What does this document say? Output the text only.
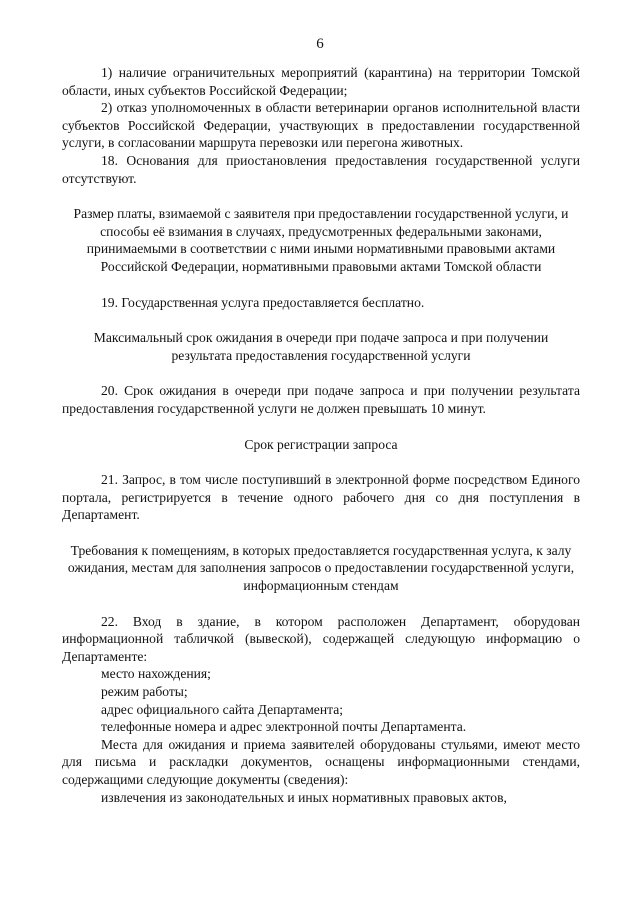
6

1) наличие ограничительных мероприятий (карантина) на территории Томской области, иных субъектов Российской Федерации;

2) отказ уполномоченных в области ветеринарии органов исполнительной власти субъектов Российской Федерации, участвующих в предоставлении государственной услуги, в согласовании маршрута перевозки или перегона животных.

18. Основания для приостановления предоставления государственной услуги отсутствуют.

Размер платы, взимаемой с заявителя при предоставлении государственной услуги, и способы её взимания в случаях, предусмотренных федеральными законами, принимаемыми в соответствии с ними иными нормативными правовыми актами Российской Федерации, нормативными правовыми актами Томской области

19. Государственная услуга предоставляется бесплатно.

Максимальный срок ожидания в очереди при подаче запроса и при получении результата предоставления государственной услуги

20. Срок ожидания в очереди при подаче запроса и при получении результата предоставления государственной услуги не должен превышать 10 минут.

Срок регистрации запроса

21. Запрос, в том числе поступивший в электронной форме посредством Единого портала, регистрируется в течение одного рабочего дня со дня поступления в Департамент.

Требования к помещениям, в которых предоставляется государственная услуга, к залу ожидания, местам для заполнения запросов о предоставлении государственной услуги, информационным стендам

22. Вход в здание, в котором расположен Департамент, оборудован информационной табличкой (вывеской), содержащей следующую информацию о Департаменте:

место нахождения;

режим работы;

адрес официального сайта Департамента;

телефонные номера и адрес электронной почты Департамента.

Места для ожидания и приема заявителей оборудованы стульями, имеют место для письма и раскладки документов, оснащены информационными стендами, содержащими следующие документы (сведения):

извлечения из законодательных и иных нормативных правовых актов,
